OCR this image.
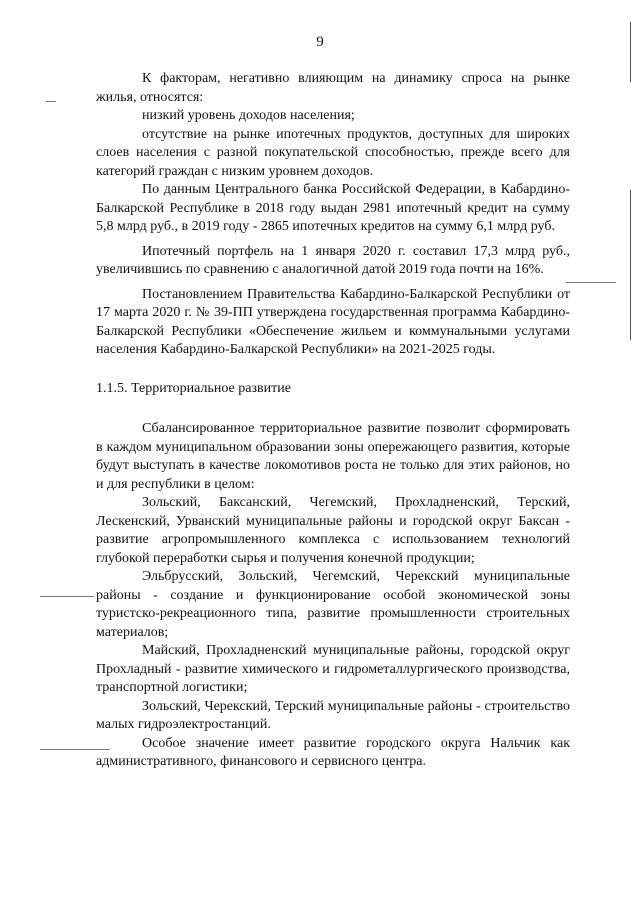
9

К факторам, негативно влияющим на динамику спроса на рынке жилья, относятся:

низкий уровень доходов населения;

отсутствие на рынке ипотечных продуктов, доступных для широких слоев населения с разной покупательской способностью, прежде всего для категорий граждан с низким уровнем доходов.

По данным Центрального банка Российской Федерации, в Кабардино-Балкарской Республике в 2018 году выдан 2981 ипотечный кредит на сумму 5,8 млрд руб., в 2019 году - 2865 ипотечных кредитов на сумму 6,1 млрд руб.

Ипотечный портфель на 1 января 2020 г. составил 17,3 млрд руб., увеличившись по сравнению с аналогичной датой 2019 года почти на 16%.

Постановлением Правительства Кабардино-Балкарской Республики от 17 марта 2020 г. № 39-ПП утверждена государственная программа Кабардино-Балкарской Республики «Обеспечение жильем и коммунальными услугами населения Кабардино-Балкарской Республики» на 2021-2025 годы.

1.1.5. Территориальное развитие

Сбалансированное территориальное развитие позволит сформировать в каждом муниципальном образовании зоны опережающего развития, которые будут выступать в качестве локомотивов роста не только для этих районов, но и для республики в целом:

Зольский, Баксанский, Чегемский, Прохладненский, Терский, Лескенский, Урванский муниципальные районы и городской округ Баксан - развитие агропромышленного комплекса с использованием технологий глубокой переработки сырья и получения конечной продукции;

Эльбрусский, Зольский, Чегемский, Черекский муниципальные районы - создание и функционирование особой экономической зоны туристско-рекреационного типа, развитие промышленности строительных материалов;

Майский, Прохладненский муниципальные районы, городской округ Прохладный - развитие химического и гидрометаллургического производства, транспортной логистики;

Зольский, Черекский, Терский муниципальные районы - строительство малых гидроэлектростанций.

Особое значение имеет развитие городского округа Нальчик как административного, финансового и сервисного центра.
